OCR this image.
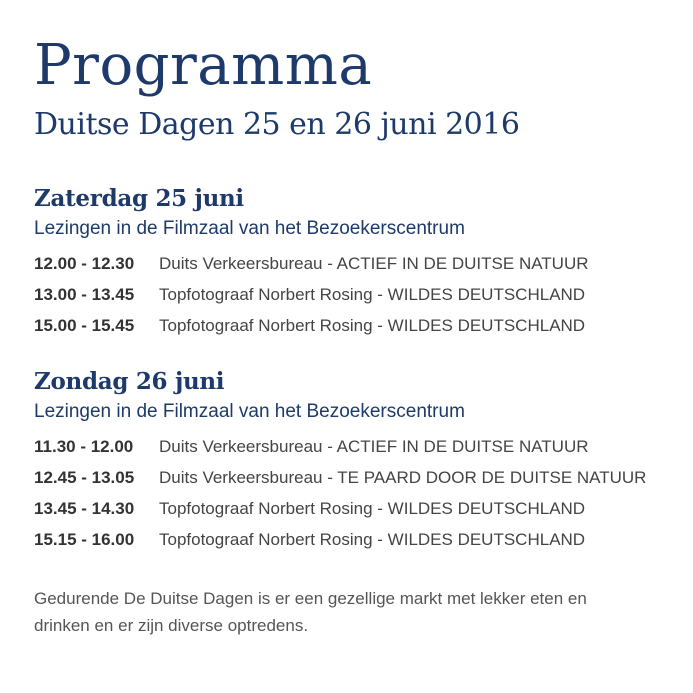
Programma
Duitse Dagen 25 en 26 juni 2016
Zaterdag 25 juni
Lezingen in de Filmzaal van het Bezoekerscentrum
12.00 - 12.30	Duits Verkeersbureau - ACTIEF IN DE DUITSE NATUUR
13.00 - 13.45	Topfotograaf Norbert Rosing - WILDES DEUTSCHLAND
15.00 - 15.45	Topfotograaf Norbert Rosing - WILDES DEUTSCHLAND
Zondag 26 juni
Lezingen in de Filmzaal van het Bezoekerscentrum
11.30 - 12.00	Duits Verkeersbureau - ACTIEF IN DE DUITSE NATUUR
12.45 - 13.05	Duits Verkeersbureau - TE PAARD DOOR DE DUITSE NATUUR
13.45 - 14.30	Topfotograaf Norbert Rosing - WILDES DEUTSCHLAND
15.15 - 16.00	Topfotograaf Norbert Rosing - WILDES DEUTSCHLAND

Gedurende De Duitse Dagen is er een gezellige markt met lekker eten en drinken en er zijn diverse optredens.
